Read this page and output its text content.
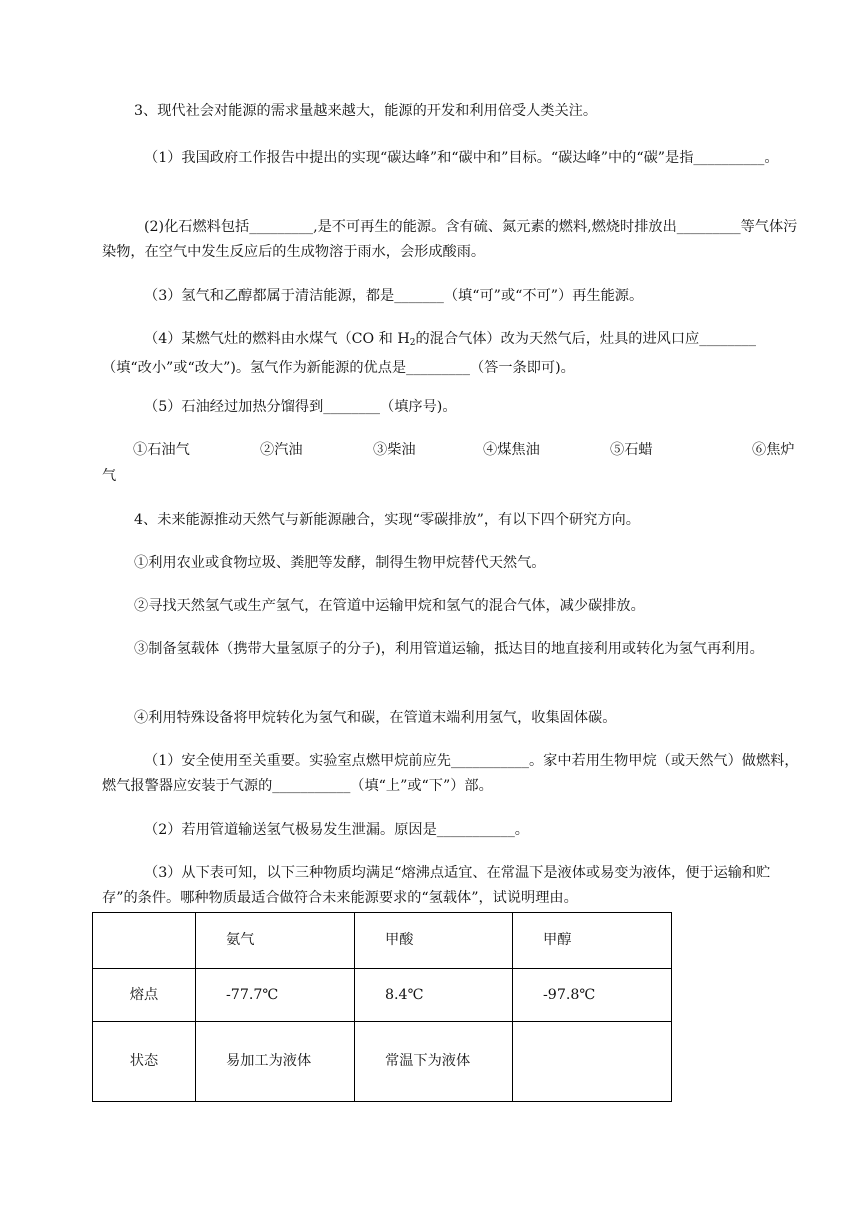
3、现代社会对能源的需求量越来越大，能源的开发和利用倍受人类关注。

（1）我国政府工作报告中提出的实现“碳达峰”和“碳中和”目标。“碳达峰”中的“碳”是指__________。

(2)化石燃料包括_________,是不可再生的能源。含有硫、氮元素的燃料,燃烧时排放出_________等气体污染物，在空气中发生反应后的生成物溶于雨水，会形成酸雨。

（3）氢气和乙醇都属于清洁能源，都是_______（填“可”或“不可”）再生能源。

（4）某燃气灶的燃料由水煤气（CO 和 $H_2$的混合气体）改为天然气后，灶具的进风口应________（填“改小”或“改大”)。氢气作为新能源的优点是_________（答一条即可)。

（5）石油经过加热分馏得到________（填序号)。

①石油气	②汽油	③柴油	④煤焦油	⑤石蜡	⑥焦炉
气

4、未来能源推动天然气与新能源融合，实现“零碳排放”，有以下四个研究方向。

①利用农业或食物垃圾、粪肥等发酵，制得生物甲烷替代天然气。

②寻找天然氢气或生产氢气，在管道中运输甲烷和氢气的混合气体，减少碳排放。

③制备氢载体（携带大量氢原子的分子)，利用管道运输，抵达目的地直接利用或转化为氢气再利用。

④利用特殊设备将甲烷转化为氢气和碳，在管道末端利用氢气，收集固体碳。

（1）安全使用至关重要。实验室点燃甲烷前应先___________。家中若用生物甲烷（或天然气）做燃料，燃气报警器应安装于气源的___________（填“上”或“下”）部。

（2）若用管道输送氢气极易发生泄漏。原因是___________。

（3）从下表可知，以下三种物质均满足“熔沸点适宜、在常温下是液体或易变为液体，便于运输和贮存”的条件。哪种物质最适合做符合未来能源要求的“氢载体”，试说明理由。

	氨气	甲酸	甲醇
熔点	-77.7℃	8.4℃	-97.8℃
状态	易加工为液体	常温下为液体	
